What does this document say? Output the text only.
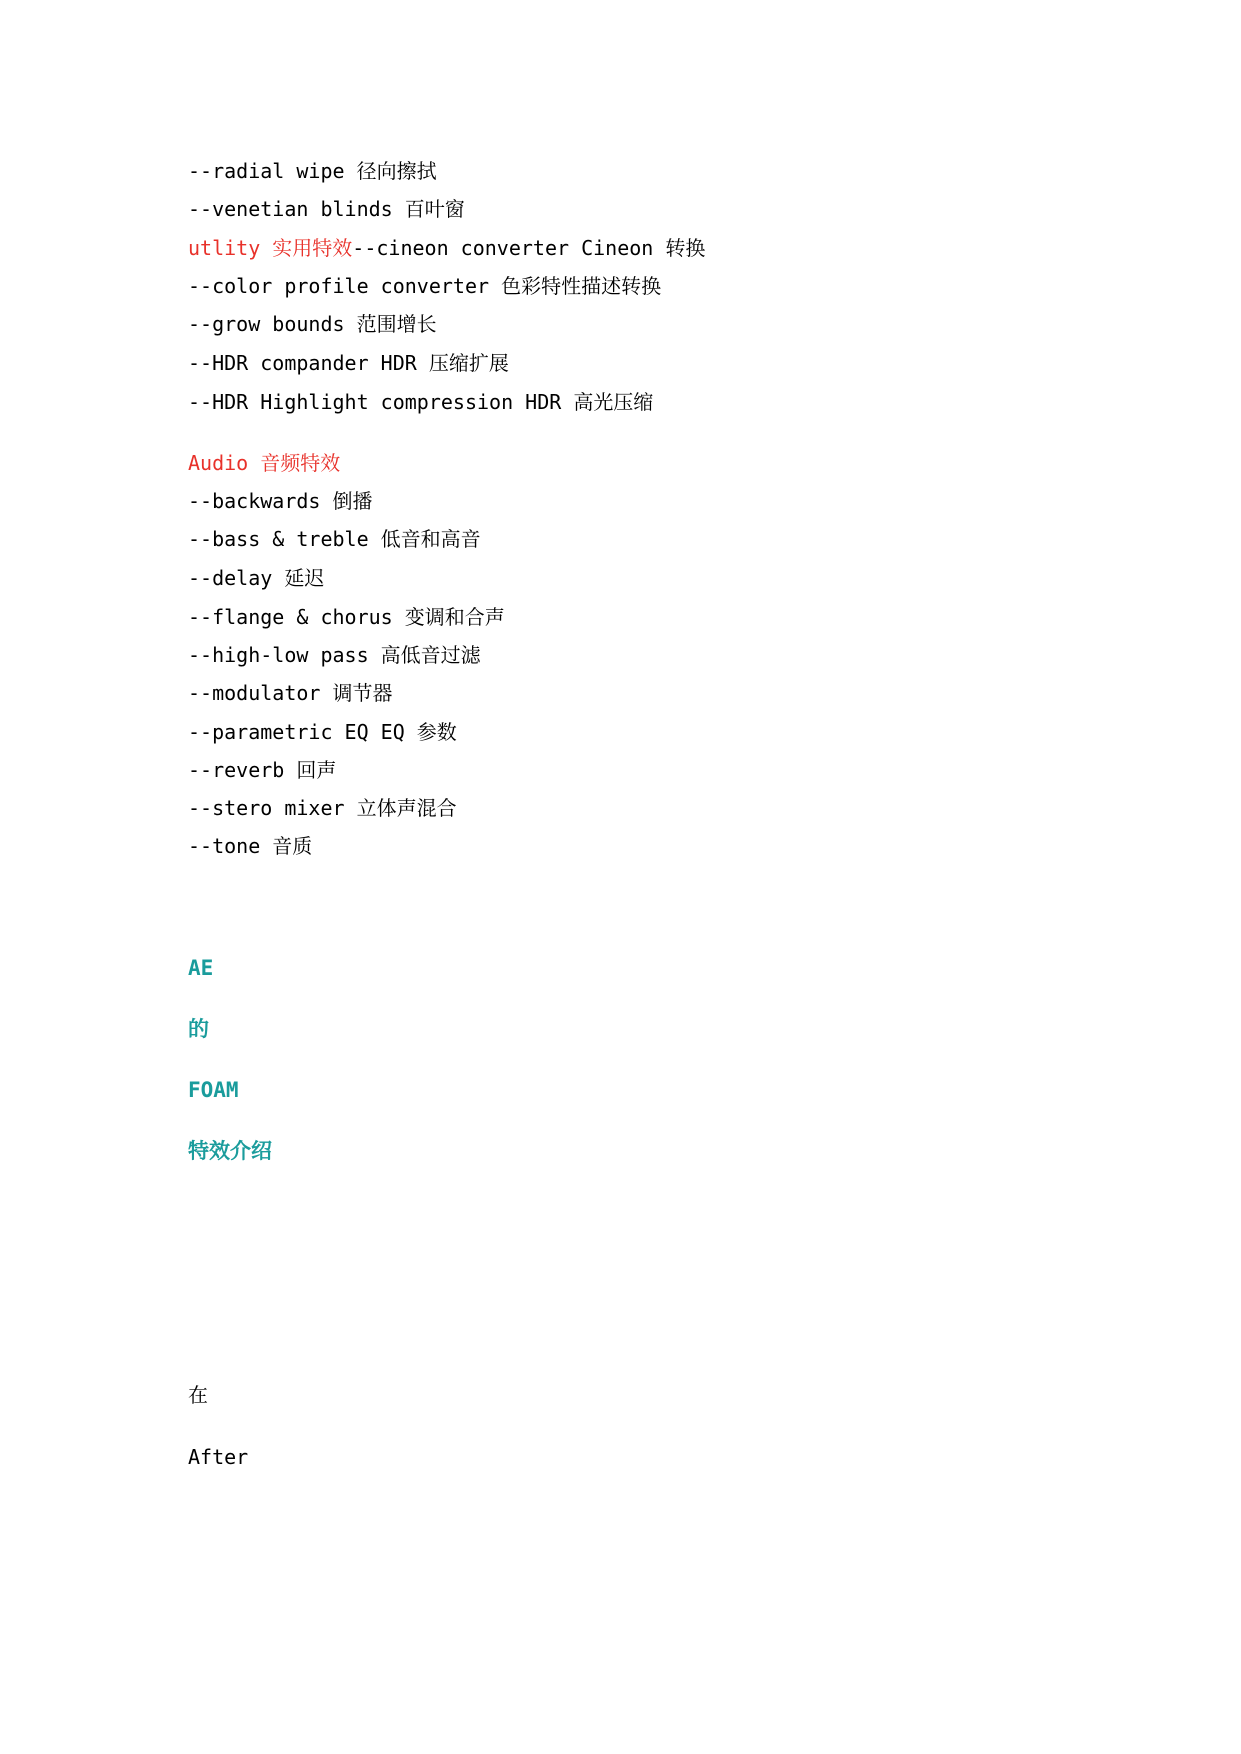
--radial wipe 径向擦拭
--venetian blinds 百叶窗
utlity 实用特效--cineon converter Cineon 转换
--color profile converter 色彩特性描述转换
--grow bounds 范围增长
--HDR compander HDR 压缩扩展
--HDR Highlight compression HDR 高光压缩
Audio 音频特效
--backwards 倒播
--bass & treble 低音和高音
--delay 延迟
--flange & chorus 变调和合声
--high-low pass 高低音过滤
--modulator 调节器
--parametric EQ EQ 参数
--reverb 回声
--stero mixer 立体声混合
--tone 音质
AE
的
FOAM
特效介绍
在
After
